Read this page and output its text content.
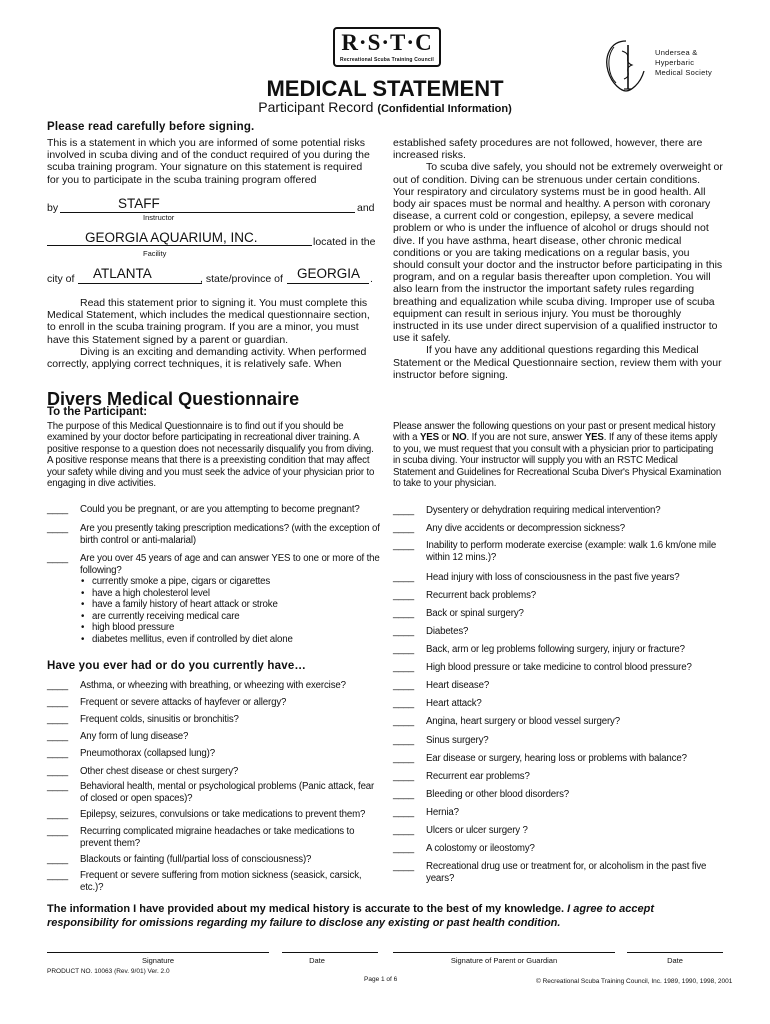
R·S·T·C
Recreational Scuba Training Council
Undersea &
Hyperbaric
Medical Society
MEDICAL STATEMENT
Participant Record (Confidential Information)
Please read carefully before signing.
This is a statement in which you are informed of some potential risks involved in scuba diving and of the conduct required of you during the scuba training program. Your signature on this statement is required for you to participate in the scuba training program offered
by	STAFF	and
Instructor
GEORGIA AQUARIUM, INC.	located in the
Facility
city of ATLANTA	, state/province of GEORGIA .
Read this statement prior to signing it. You must complete this Medical Statement, which includes the medical questionnaire section, to enroll in the scuba training program. If you are a minor, you must have this Statement signed by a parent or guardian.
Diving is an exciting and demanding activity. When performed correctly, applying correct techniques, it is relatively safe. When
established safety procedures are not followed, however, there are increased risks.
To scuba dive safely, you should not be extremely overweight or out of condition. Diving can be strenuous under certain conditions. Your respiratory and circulatory systems must be in good health. All body air spaces must be normal and healthy. A person with coronary disease, a current cold or congestion, epilepsy, a severe medical problem or who is under the influence of alcohol or drugs should not dive. If you have asthma, heart disease, other chronic medical conditions or you are taking medications on a regular basis, you should consult your doctor and the instructor before participating in this program, and on a regular basis thereafter upon completion. You will also learn from the instructor the important safety rules regarding breathing and equalization while scuba diving. Improper use of scuba equipment can result in serious injury. You must be thoroughly instructed in its use under direct supervision of a qualified instructor to use it safely.
If you have any additional questions regarding this Medical Statement or the Medical Questionnaire section, review them with your instructor before signing.
Divers Medical Questionnaire
To the Participant:
The purpose of this Medical Questionnaire is to find out if you should be examined by your doctor before participating in recreational diver training. A positive response to a question does not necessarily disqualify you from diving. A positive response means that there is a preexisting condition that may affect your safety while diving and you must seek the advice of your physician prior to engaging in dive activities.
Please answer the following questions on your past or present medical history with a YES or NO. If you are not sure, answer YES. If any of these items apply to you, we must request that you consult with a physician prior to participating in scuba diving. Your instructor will supply you with an RSTC Medical Statement and Guidelines for Recreational Scuba Diver's Physical Examination to take to your physician.
____	Could you be pregnant, or are you attempting to become pregnant?
____	Are you presently taking prescription medications? (with the exception of birth control or anti-malarial)
____	Are you over 45 years of age and can answer YES to one or more of the following?
• currently smoke a pipe, cigars or cigarettes
• have a high cholesterol level
• have a family history of heart attack or stroke
• are currently receiving medical care
• high blood pressure
• diabetes mellitus, even if controlled by diet alone
Have you ever had or do you currently have…
____	Asthma, or wheezing with breathing, or wheezing with exercise?
____	Frequent or severe attacks of hayfever or allergy?
____	Frequent colds, sinusitis or bronchitis?
____	Any form of lung disease?
____	Pneumothorax (collapsed lung)?
____	Other chest disease or chest surgery?
____	Behavioral health, mental or psychological problems (Panic attack, fear of closed or open spaces)?
____	Epilepsy, seizures, convulsions or take medications to prevent them?
____	Recurring complicated migraine headaches or take medications to prevent them?
____	Blackouts or fainting (full/partial loss of consciousness)?
____	Frequent or severe suffering from motion sickness (seasick, carsick, etc.)?
____	Dysentery or dehydration requiring medical intervention?
____	Any dive accidents or decompression sickness?
____	Inability to perform moderate exercise (example: walk 1.6 km/one mile within 12 mins.)?
____	Head injury with loss of consciousness in the past five years?
____	Recurrent back problems?
____	Back or spinal surgery?
____	Diabetes?
____	Back, arm or leg problems following surgery, injury or fracture?
____	High blood pressure or take medicine to control blood pressure?
____	Heart disease?
____	Heart attack?
____	Angina, heart surgery or blood vessel surgery?
____	Sinus surgery?
____	Ear disease or surgery, hearing loss or problems with balance?
____	Recurrent ear problems?
____	Bleeding or other blood disorders?
____	Hernia?
____	Ulcers or ulcer surgery ?
____	A colostomy or ileostomy?
____	Recreational drug use or treatment for, or alcoholism in the past five years?
The information I have provided about my medical history is accurate to the best of my knowledge. I agree to accept responsibility for omissions regarding my failure to disclose any existing or past health condition.
Signature	Date	Signature of Parent or Guardian	Date
PRODUCT NO. 10063 (Rev. 9/01) Ver. 2.0
Page 1 of 6	© Recreational Scuba Training Council, Inc. 1989, 1990, 1998, 2001
